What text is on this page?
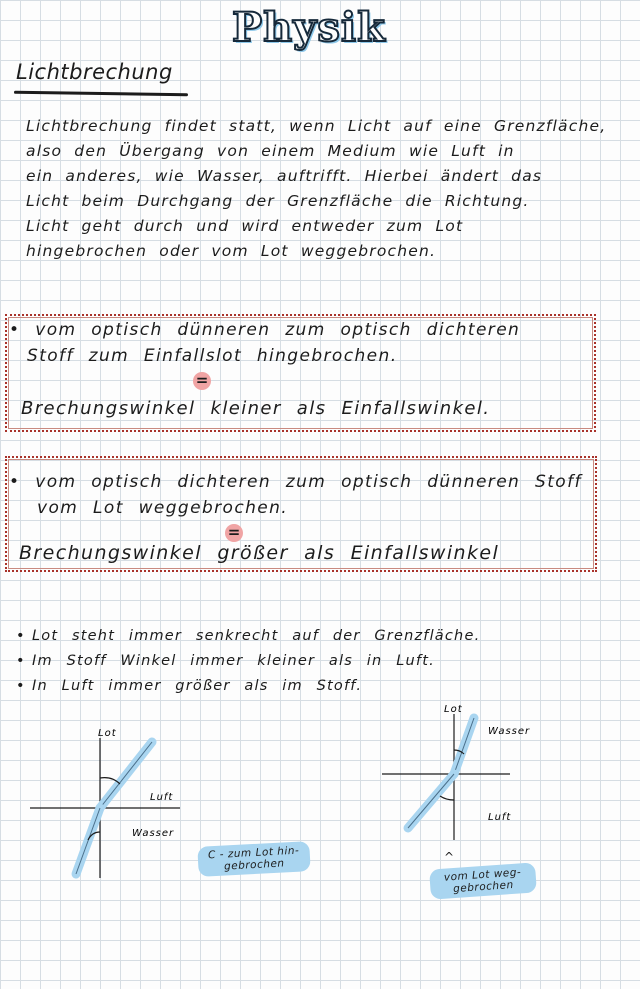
Physik
Lichtbrechung
Lichtbrechung findet statt, wenn Licht auf eine Grenzfläche,
also den Übergang von einem Medium wie Luft in
ein anderes, wie Wasser, auftrifft. Hierbei ändert das
Licht beim Durchgang der Grenzfläche die Richtung.
Licht geht durch und wird entweder zum Lot
hingebrochen oder vom Lot weggebrochen.
• vom optisch dünneren zum optisch dichteren
Stoff zum Einfallslot hingebrochen.
=
Brechungswinkel kleiner als Einfallswinkel.
• vom optisch dichteren zum optisch dünneren Stoff
vom Lot weggebrochen.
=
Brechungswinkel größer als Einfallswinkel
• Lot steht immer senkrecht auf der Grenzfläche.
• Im Stoff Winkel immer kleiner als in Luft.
• In Luft immer größer als im Stoff.
Lot
Luft
Wasser
C - zum Lot hin-gebrochen
Lot
Wasser
Luft
^
vom Lot weg-gebrochen
